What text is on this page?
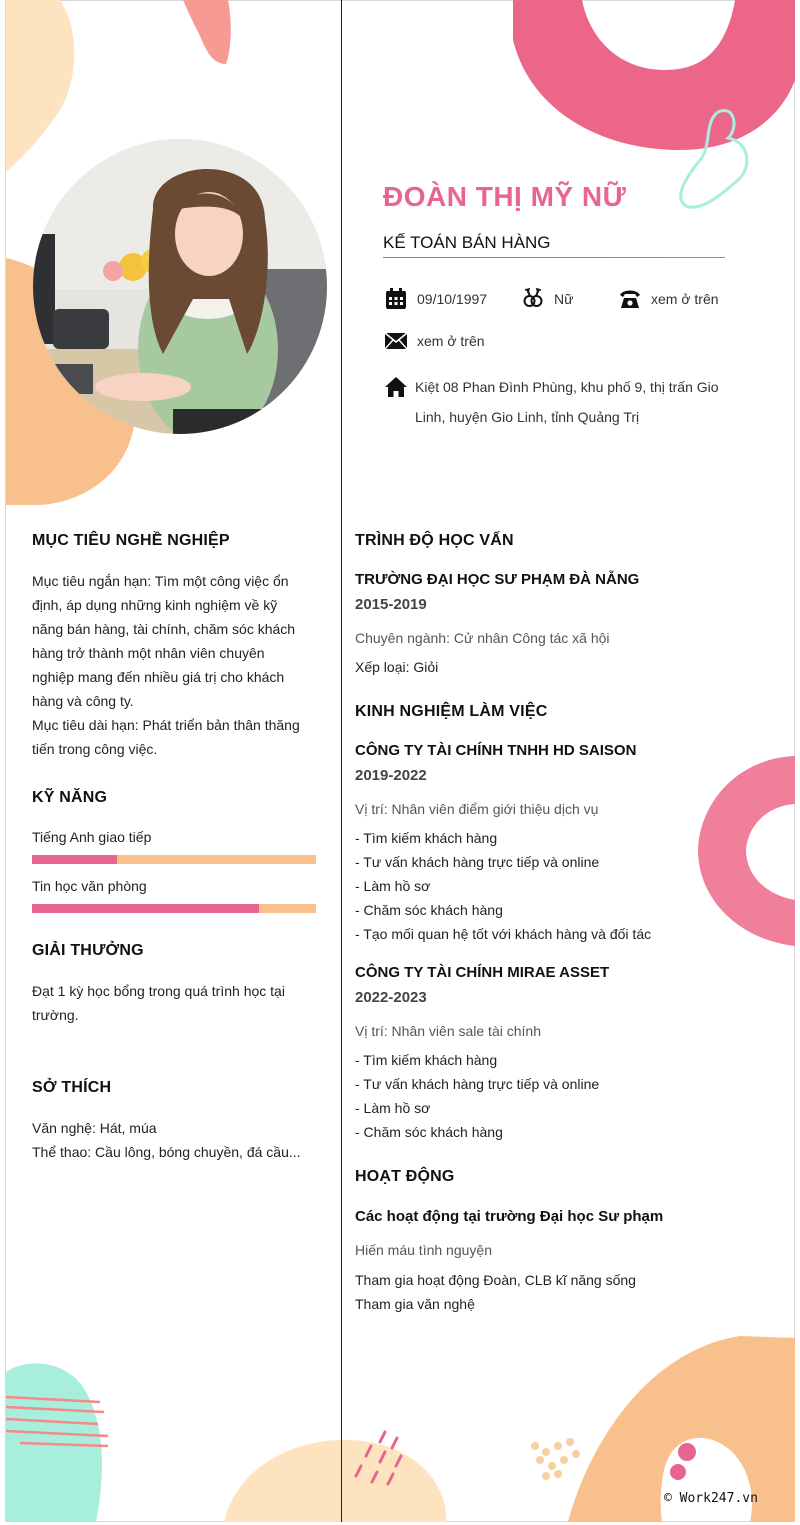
ĐOÀN THỊ MỸ NỮ
KẾ TOÁN BÁN HÀNG
09/10/1997	Nữ	xem ở trên
xem ở trên
Kiệt 08 Phan Đình Phùng, khu phố 9, thị trấn Gio Linh, huyện Gio Linh, tỉnh Quảng Trị
MỤC TIÊU NGHỀ NGHIỆP
Mục tiêu ngắn hạn: Tìm một công việc ổn
định, áp dụng những kinh nghiệm về kỹ
năng bán hàng, tài chính, chăm sóc khách
hàng trở thành một nhân viên chuyên
nghiệp mang đến nhiều giá trị cho khách
hàng và công ty.
Mục tiêu dài hạn: Phát triển bản thân thăng
tiến trong công việc.
KỸ NĂNG
Tiếng Anh giao tiếp
Tin học văn phòng
GIẢI THƯỞNG
Đạt 1 kỳ học bổng trong quá trình học tại
trường.
SỞ THÍCH
Văn nghệ: Hát, múa
Thể thao: Cầu lông, bóng chuyền, đá cầu...
TRÌNH ĐỘ HỌC VẤN
TRƯỜNG ĐẠI HỌC SƯ PHẠM ĐÀ NẴNG
2015-2019
Chuyên ngành: Cử nhân Công tác xã hội
Xếp loại: Giỏi
KINH NGHIỆM LÀM VIỆC
CÔNG TY TÀI CHÍNH TNHH HD SAISON
2019-2022
Vị trí: Nhân viên điểm giới thiệu dịch vụ
- Tìm kiếm khách hàng
- Tư vấn khách hàng trực tiếp và online
- Làm hồ sơ
- Chăm sóc khách hàng
- Tạo mối quan hệ tốt với khách hàng và đối tác
CÔNG TY TÀI CHÍNH MIRAE ASSET
2022-2023
Vị trí: Nhân viên sale tài chính
- Tìm kiếm khách hàng
- Tư vấn khách hàng trực tiếp và online
- Làm hồ sơ
- Chăm sóc khách hàng
HOẠT ĐỘNG
Các hoạt động tại trường Đại học Sư phạm
Hiến máu tình nguyện
Tham gia hoạt động Đoàn, CLB kĩ năng sống
Tham gia văn nghệ
© Work247.vn
